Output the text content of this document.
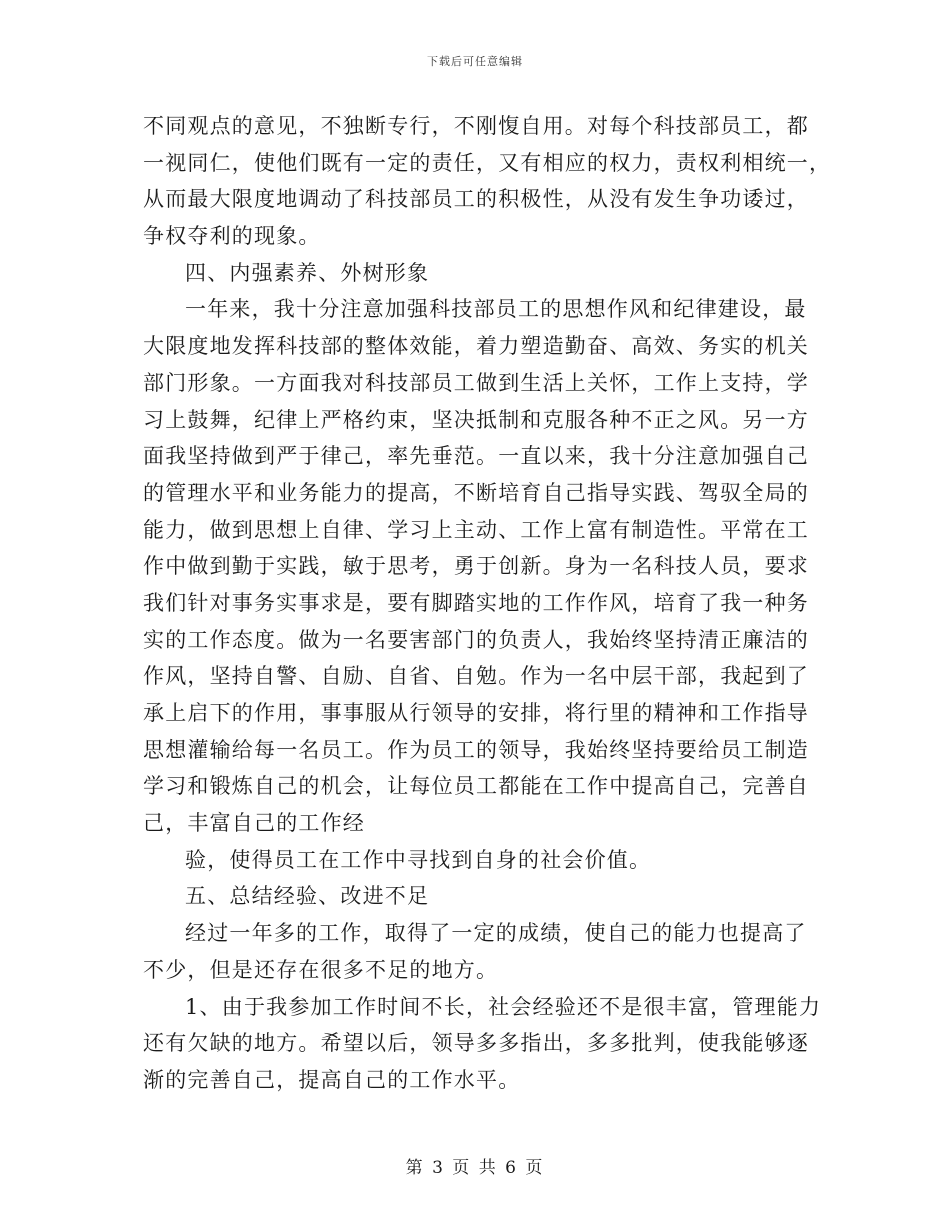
下载后可任意编辑
不同观点的意见，不独断专行，不刚愎自用。对每个科技部员工，都
一视同仁，使他们既有一定的责任，又有相应的权力，责权利相统一，
从而最大限度地调动了科技部员工的积极性，从没有发生争功诿过，
争权夺利的现象。
四、内强素养、外树形象
一年来，我十分注意加强科技部员工的思想作风和纪律建设，最
大限度地发挥科技部的整体效能，着力塑造勤奋、高效、务实的机关
部门形象。一方面我对科技部员工做到生活上关怀，工作上支持，学
习上鼓舞，纪律上严格约束，坚决抵制和克服各种不正之风。另一方
面我坚持做到严于律己，率先垂范。一直以来，我十分注意加强自己
的管理水平和业务能力的提高，不断培育自己指导实践、驾驭全局的
能力，做到思想上自律、学习上主动、工作上富有制造性。平常在工
作中做到勤于实践，敏于思考，勇于创新。身为一名科技人员，要求
我们针对事务实事求是，要有脚踏实地的工作作风，培育了我一种务
实的工作态度。做为一名要害部门的负责人，我始终坚持清正廉洁的
作风，坚持自警、自励、自省、自勉。作为一名中层干部，我起到了
承上启下的作用，事事服从行领导的安排，将行里的精神和工作指导
思想灌输给每一名员工。作为员工的领导，我始终坚持要给员工制造
学习和锻炼自己的机会，让每位员工都能在工作中提高自己，完善自
己，丰富自己的工作经
验，使得员工在工作中寻找到自身的社会价值。
五、总结经验、改进不足
经过一年多的工作，取得了一定的成绩，使自己的能力也提高了
不少，但是还存在很多不足的地方。
1、由于我参加工作时间不长，社会经验还不是很丰富，管理能力
还有欠缺的地方。希望以后，领导多多指出，多多批判，使我能够逐
渐的完善自己，提高自己的工作水平。
第 3 页 共 6 页
